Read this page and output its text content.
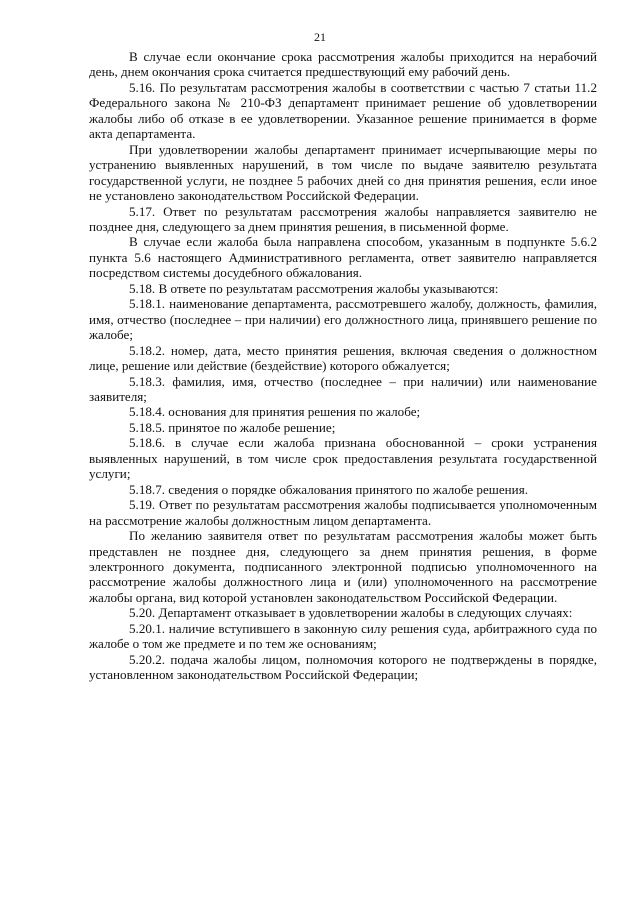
21

В случае если окончание срока рассмотрения жалобы приходится на нерабочий день, днем окончания срока считается предшествующий ему рабочий день.

5.16. По результатам рассмотрения жалобы в соответствии с частью 7 статьи 11.2 Федерального закона № 210-ФЗ департамент принимает решение об удовлетворении жалобы либо об отказе в ее удовлетворении. Указанное решение принимается в форме акта департамента.

При удовлетворении жалобы департамент принимает исчерпывающие меры по устранению выявленных нарушений, в том числе по выдаче заявителю результата государственной услуги, не позднее 5 рабочих дней со дня принятия решения, если иное не установлено законодательством Российской Федерации.

5.17. Ответ по результатам рассмотрения жалобы направляется заявителю не позднее дня, следующего за днем принятия решения, в письменной форме.

В случае если жалоба была направлена способом, указанным в подпункте 5.6.2 пункта 5.6 настоящего Административного регламента, ответ заявителю направляется посредством системы досудебного обжалования.

5.18. В ответе по результатам рассмотрения жалобы указываются:

5.18.1. наименование департамента, рассмотревшего жалобу, должность, фамилия, имя, отчество (последнее – при наличии) его должностного лица, принявшего решение по жалобе;

5.18.2. номер, дата, место принятия решения, включая сведения о должностном лице, решение или действие (бездействие) которого обжалуется;

5.18.3. фамилия, имя, отчество (последнее – при наличии) или наименование заявителя;

5.18.4. основания для принятия решения по жалобе;

5.18.5. принятое по жалобе решение;

5.18.6. в случае если жалоба признана обоснованной – сроки устранения выявленных нарушений, в том числе срок предоставления результата государственной услуги;

5.18.7. сведения о порядке обжалования принятого по жалобе решения.

5.19. Ответ по результатам рассмотрения жалобы подписывается уполномоченным на рассмотрение жалобы должностным лицом департамента.

По желанию заявителя ответ по результатам рассмотрения жалобы может быть представлен не позднее дня, следующего за днем принятия решения, в форме электронного документа, подписанного электронной подписью уполномоченного на рассмотрение жалобы должностного лица и (или) уполномоченного на рассмотрение жалобы органа, вид которой установлен законодательством Российской Федерации.

5.20. Департамент отказывает в удовлетворении жалобы в следующих случаях:

5.20.1. наличие вступившего в законную силу решения суда, арбитражного суда по жалобе о том же предмете и по тем же основаниям;

5.20.2. подача жалобы лицом, полномочия которого не подтверждены в порядке, установленном законодательством Российской Федерации;
